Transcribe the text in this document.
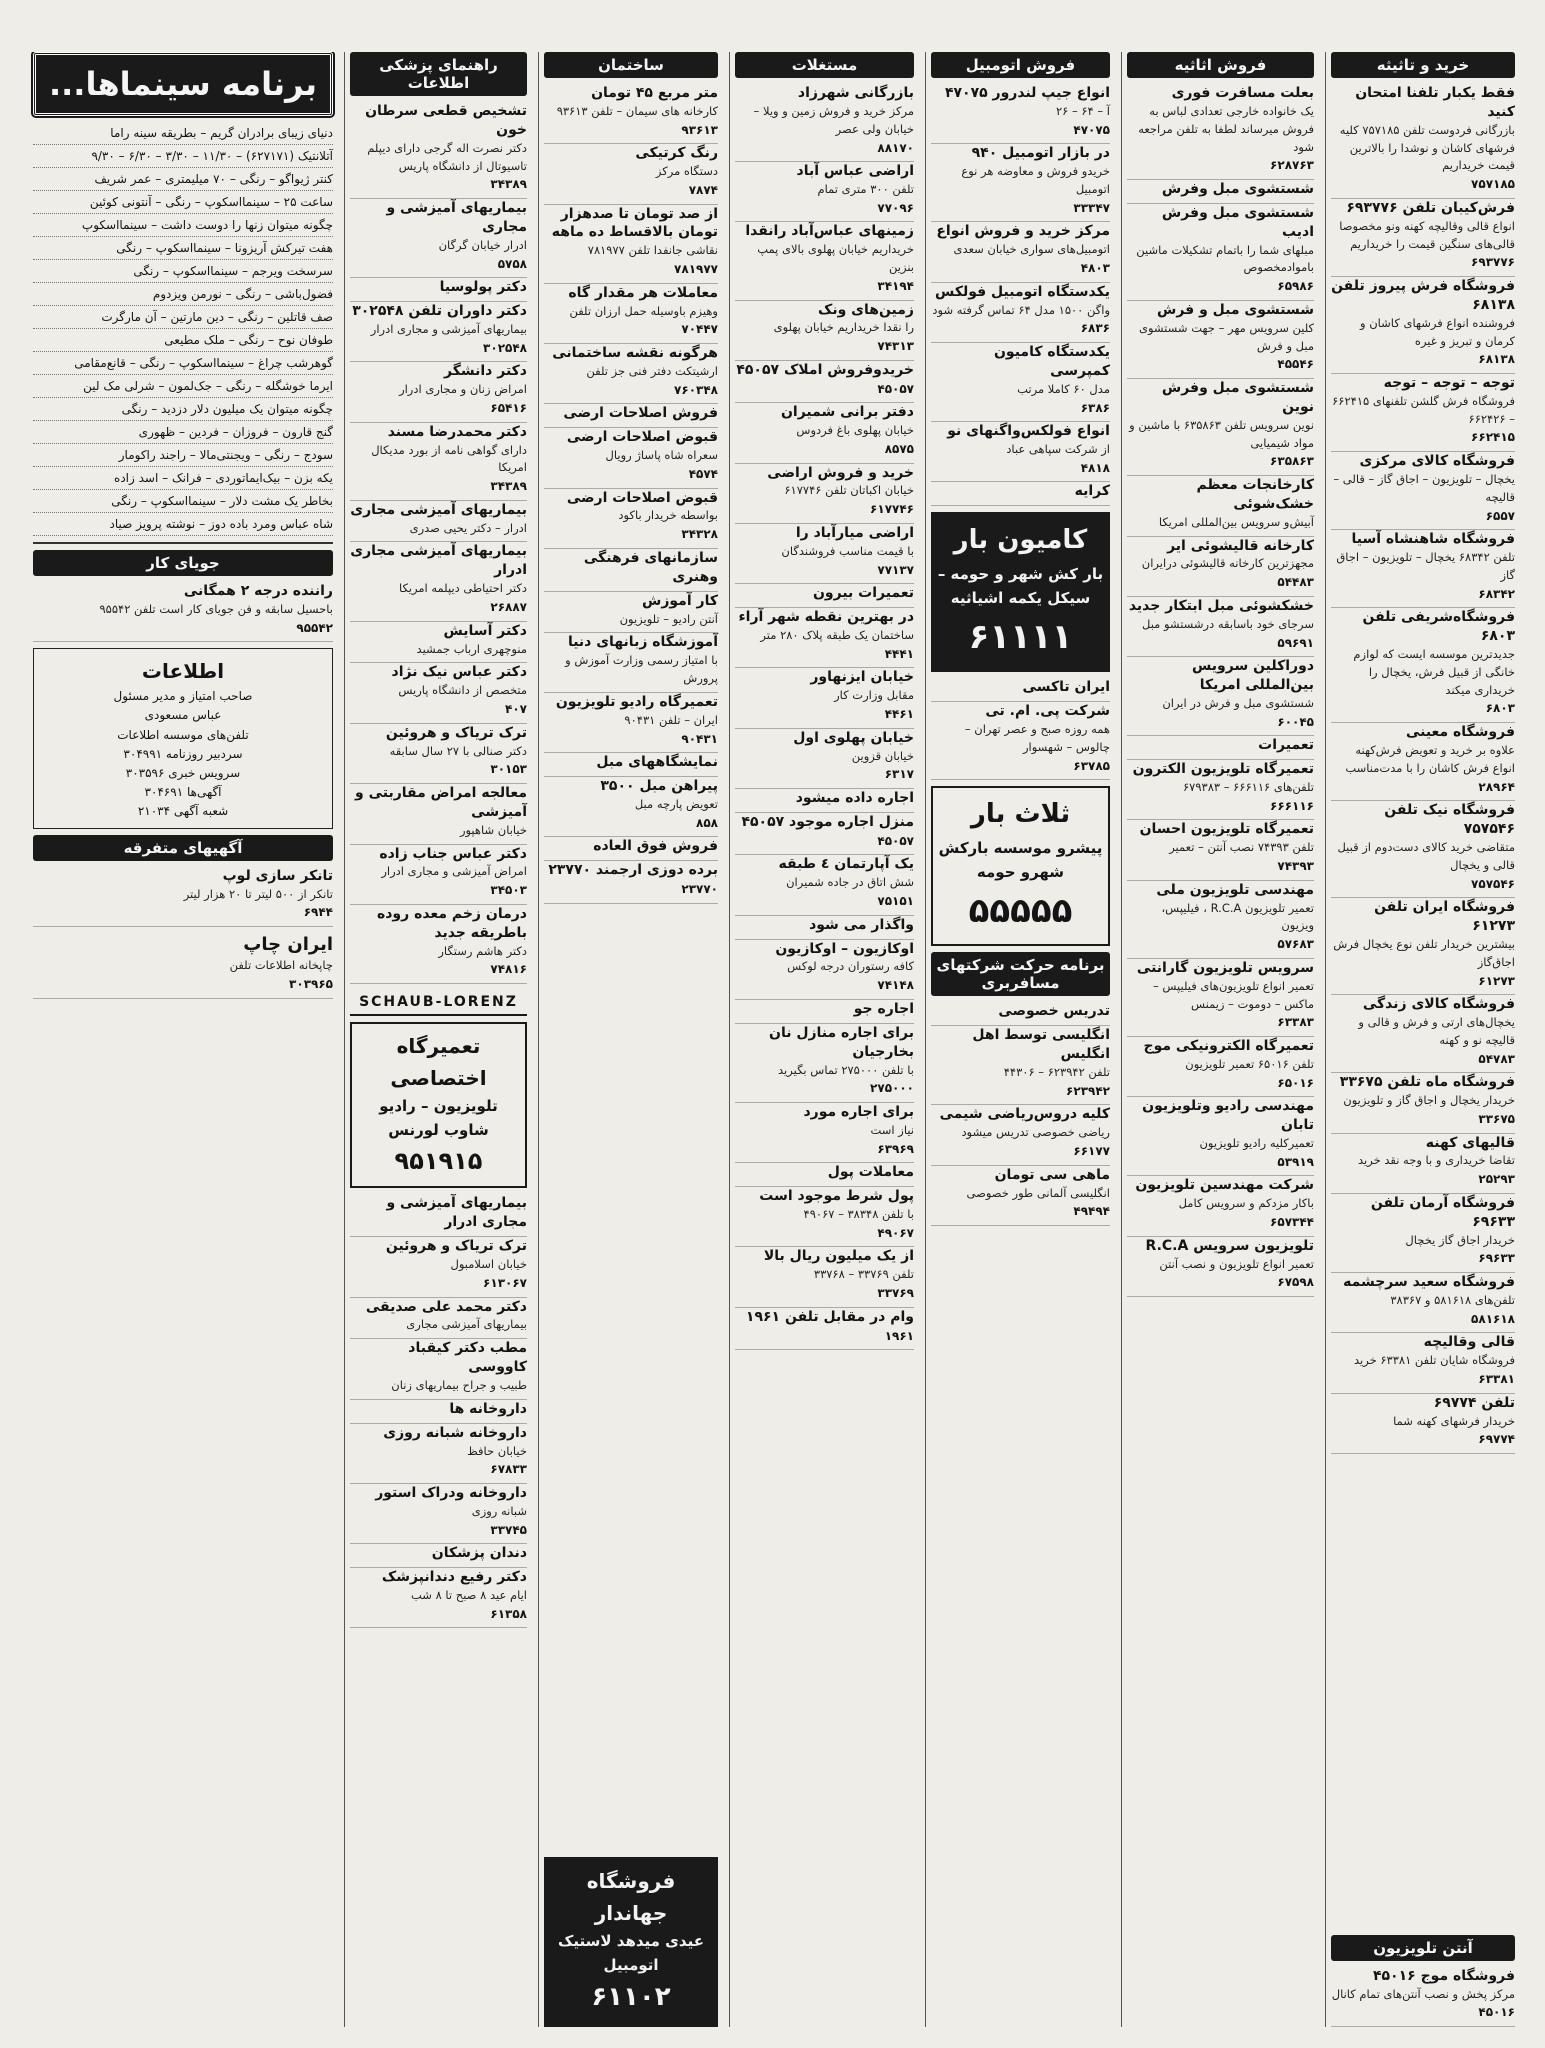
خرید و تاثیثه
فقط یکبار تلفنا امتحان کنید
بازرگانی فردوست تلفن ۷۵۷۱۸۵ کلیه فرشهای کاشان و نوشدا را بالاترین قیمت خریداریم
۷۵۷۱۸۵
فرش‌کیبان تلفن ۶۹۳۷۷۶
انواع قالی وقالیچه کهنه ونو مخصوصا قالی‌های سنگین قیمت را خریداریم
۶۹۳۷۷۶
فروشگاه فرش پیروز تلفن ۶۸۱۳۸
فروشنده انواع فرشهای کاشان و کرمان و تبریز و غیره
۶۸۱۳۸
توجه – توجه – توجه
فروشگاه فرش گلشن تلفنهای ۶۶۲۴۱۵ – ۶۶۲۴۲۶
۶۶۲۴۱۵
فروشگاه کالای مرکزی
یخچال – تلویزیون – اجاق گاز – قالی – قالیچه
۶۵۵۷
فروشگاه شاهنشاه آسیا
تلفن ۶۸۳۴۲ یخچال – تلویزیون – اجاق گاز
۶۸۳۴۲
فروشگاه‌شریفی تلفن ۶۸۰۳
جدیدترین موسسه ایست که لوازم خانگی از قبیل فرش، یخچال را خریداری میکند
۶۸۰۳
فروشگاه معینی
علاوه بر خرید و تعویض فرش‌کهنه انواع فرش کاشان را با مدت‌مناسب
۲۸۹۶۴
فروشگاه نیک تلفن ۷۵۷۵۴۶
متقاضی خرید کالای دست‌دوم از قبیل قالی و یخچال
۷۵۷۵۴۶
فروشگاه ایران تلفن ۶۱۲۷۳
بیشترین خریدار تلفن نوع یخچال فرش اجاق‌گاز
۶۱۲۷۳
فروشگاه کالای زندگی
یخچال‌های ارتی و فرش و قالی و قالیچه نو و کهنه
۵۴۷۸۳
فروشگاه ماه تلفن ۳۳۶۷۵
خریدار یخچال و اجاق گاز و تلویزیون
۳۳۶۷۵
قالیهای کهنه
تقاضا خریداری و با وجه نقد خرید
۲۵۲۹۳
فروشگاه آرمان تلفن ۶۹۶۳۳
خریدار اجاق گاز یخچال
۶۹۶۳۳
فروشگاه سعید سرچشمه
تلفن‌های ۵۸۱۶۱۸ و ۳۸۳۶۷
۵۸۱۶۱۸
قالی وقالیچه
فروشگاه شایان تلفن ۶۳۳۸۱ خرید
۶۳۳۸۱
تلفن ۶۹۷۷۴
خریدار فرشهای کهنه شما
۶۹۷۷۴
آنتن تلویزیون
فروشگاه موج ۴۵۰۱۶
مرکز پخش و نصب آنتن‌های تمام کانال
۴۵۰۱۶
فروش اثاثیه
بعلت مسافرت فوری
یک خانواده خارجی تعدادی لباس به فروش میرساند لطفا به تلفن مراجعه شود
۶۲۸۷۶۳
شستشوی مبل وفرش
شستشوی مبل وفرش ادیب
مبلهای شما را باتمام تشکیلات ماشین باموادمخصوص
۶۵۹۸۶
شستشوی مبل و فرش
کلین سرویس مهر – جهت شستشوی مبل و فرش
۴۵۵۴۶
شستشوی مبل وفرش نوین
نوین سرویس تلفن ۶۳۵۸۶۳ با ماشین و مواد شیمیایی
۶۳۵۸۶۳
کارخانجات معظم خشک‌شوئی
آبیش‌و سرویس بین‌المللی امریکا
کارخانه قالیشوئی ایر
مجهزترین کارخانه قالیشوئی درایران
۵۴۴۸۳
خشکشوئی مبل ابتکار جدید
سرجای خود باسابقه درشستشو مبل
۵۹۶۹۱
دوراکلین سرویس بین‌المللی امریکا
شستشوی مبل و فرش در ایران
۶۰۰۴۵
تعمیرات
تعمیرگاه تلویزیون الکترون
تلفن‌های ۶۶۶۱۱۶ – ۶۷۹۳۸۳
۶۶۶۱۱۶
تعمیرگاه تلویزیون احسان
تلفن ۷۴۳۹۳ نصب آنتن – تعمیر
۷۴۳۹۳
مهندسی تلویزیون ملی
تعمیر تلویزیون R.C.A ، فیلیپس، ویزیون
۵۷۶۸۳
سرویس تلویزیون گارانتی
تعمیر انواع تلویزیون‌های فیلیپس – ماکس – دوموت – زیمنس
۶۳۳۸۳
تعمیرگاه الکترونیکی موج
تلفن ۶۵۰۱۶ تعمیر تلویزیون
۶۵۰۱۶
مهندسی رادیو وتلویزیون تابان
تعمیرکلیه رادیو تلویزیون
۵۳۹۱۹
شرکت مهندسین تلویزیون
باکار مزدکم و سرویس کامل
۶۵۷۳۴۴
تلویزیون سرویس R.C.A
تعمیر انواع تلویزیون و نصب آنتن
۶۷۵۹۸
فروش اتومبیل
انواع جیپ لندرور ۴۷۰۷۵
آ – ۶۴ – ۲۶
۴۷۰۷۵
در بازار اتومبیل ۹۴۰
خریدو فروش و معاوضه هر نوع اتومبیل
۳۳۳۴۷
مرکز خرید و فروش انواع
اتومبیل‌های سواری خیابان سعدی
۴۸۰۳
یکدستگاه اتومبیل فولکس
واگن ۱۵۰۰ مدل ۶۴ تماس گرفته شود
۶۸۳۶
یکدستگاه کامیون کمپرسی
مدل ۶۰ کاملا مرتب
۶۳۸۶
انواع فولکس‌واگنهای نو
از شرکت سپاهی عباد
۴۸۱۸
کرایه
کامیون بار
بار کش شهر و حومه – سیکل یکمه اشیاثیه
۶۱۱۱۱
ایران تاکسی
شرکت پی. ام. تی
همه روزه صبح و عصر تهران – چالوس – شهسوار
۶۳۷۸۵
ثلاث بار
پیشرو موسسه بارکش شهرو حومه
۵۵۵۵۵
برنامه حرکت شرکتهای مسافربری
تدریس خصوصی
انگلیسی توسط اهل انگلیس
تلفن ۶۲۳۹۴۲ – ۴۴۳۰۶
۶۲۳۹۴۲
کلیه دروس‌ریاضی شیمی
ریاضی خصوصی تدریس میشود
۶۶۱۷۷
ماهی سی تومان
انگلیسی آلمانی طور خصوصی
۴۹۴۹۴
مستغلات
بازرگانی شهرزاد
مرکز خرید و فروش زمین و ویلا – خیابان ولی عصر
۸۸۱۷۰
اراضی عباس آباد
تلفن ۳۰۰ متری تمام
۷۷۰۹۶
زمینهای عباس‌آباد رانقدا
خریداریم خیابان پهلوی بالای پمپ بنزین
۳۴۱۹۴
زمین‌های ونک
را نقدا خریداریم خیابان پهلوی
۷۴۳۱۳
خریدوفروش املاک ۴۵۰۵۷
۴۵۰۵۷
دفتر برانی شمیران
خیابان پهلوی باغ فردوس
۸۵۷۵
خرید و فروش اراضی
خیابان اکباتان تلفن ۶۱۷۷۴۶
۶۱۷۷۴۶
اراضی میارآباد را
با قیمت مناسب فروشندگان
۷۷۱۳۷
تعمیرات بیرون
در بهترین نقطه شهر آراء
ساختمان یک طبقه پلاک ۲۸۰ متر
۴۴۴۱
خیابان ایزنهاور
مقابل وزارت کار
۴۴۶۱
خیابان پهلوی اول
خیابان قزوین
۶۳۱۷
اجاره داده میشود
منزل اجاره موجود ۴۵۰۵۷
۴۵۰۵۷
یک آپارتمان ٤ طبقه
شش اتاق در جاده شمیران
۷۵۱۵۱
واگذار می شود
اوکازیون – اوکازیون
کافه رستوران درجه لوکس
۷۴۱۴۸
اجاره جو
برای اجاره منازل نان بخارجیان
با تلفن ۲۷۵۰۰۰ تماس بگیرید
۲۷۵۰۰۰
برای اجاره مورد
نیاز است
۶۳۹۶۹
معاملات پول
پول شرط موجود است
با تلفن ۳۸۳۴۸ – ۴۹۰۶۷
۴۹۰۶۷
از یک میلیون ریال بالا
تلفن ۳۳۷۶۹ – ۳۳۷۶۸
۳۳۷۶۹
وام در مقابل تلفن ۱۹۶۱
۱۹۶۱
ساختمان
متر مربع ۴۵ تومان
کارخانه های سیمان – تلفن ۹۳۶۱۳
۹۳۶۱۳
رنگ کرتیکی
دستگاه مرکز
۷۸۷۴
از صد تومان تا صدهزار تومان بالاقساط ده ماهه
نقاشی جانفدا تلفن ۷۸۱۹۷۷
۷۸۱۹۷۷
معاملات هر مقدار گاه
وهیزم باوسیله حمل ارزان تلفن
۷۰۴۴۷
هرگونه نقشه ساختمانی
ارشیتکت دفتر فنی جز تلفن
۷۶۰۳۴۸
فروش اصلاحات ارضی
قبوض اصلاحات ارضی
سعراه شاه پاساژ رویال
۴۵۷۴
قبوض اصلاحات ارضی
بواسطه خریدار باکود
۳۴۳۲۸
سازمانهای فرهنگی وهنری
کار آموزش
آنتن رادیو – تلویزیون
آموزشگاه زبانهای دنیا
با امتیاز رسمی وزارت آموزش و پرورش
تعمیرگاه رادیو تلویزیون
ایران – تلفن ۹۰۴۳۱
۹۰۴۳۱
نمایشگاههای مبل
پیراهن مبل ۳۵۰۰
تعویض پارچه مبل
۸۵۸
فروش فوق العاده
برده دوزی ارجمند ۲۳۷۷۰
۲۳۷۷۰
فروشگاه جهاندار
عیدی میدهد لاستیک اتومبیل
۶۱۱۰۲
راهنمای پزشکی اطلاعات
تشخیص قطعی سرطان خون
دکتر نصرت اله گرجی دارای دیپلم تاسیوتال از دانشگاه پاریس
۳۴۳۸۹
بیماریهای آمیزشی و مجاری
ادرار خیابان گرگان
۵۷۵۸
دکتر پولوسیا
دکتر داوران تلفن ۳۰۲۵۴۸
بیماریهای آمیزشی و مجاری ادرار
۳۰۲۵۴۸
دکتر دانشگر
امراض زنان و مجاری ادرار
۶۵۴۱۶
دکتر محمدرضا مسند
دارای گواهی نامه از بورد مدیکال امریکا
۳۴۳۸۹
بیماریهای آمیزشی مجاری
ادرار – دکتر یحیی صدری
بیماریهای آمیزشی مجاری ادرار
دکتر احتیاطی دیپلمه امریکا
۲۶۸۸۷
دکتر آسایش
منوچهری ارباب جمشید
دکتر عباس نیک نژاد
متخصص از دانشگاه پاریس
۴۰۷
ترک تریاک و هروئین
دکتر صنالی با ۲۷ سال سابقه
۳۰۱۵۳
معالجه امراض مقاربتی و آمیزشی
خیابان شاهپور
دکتر عباس جناب زاده
امراض آمیزشی و مجاری ادرار
۳۴۵۰۳
درمان زخم معده روده باطریقه جدید
دکتر هاشم رستگار
۷۴۸۱۶
SCHAUB-LORENZ
تعمیرگاه اختصاصی
تلویزیون – رادیو شاوب لورنس
۹۵۱۹۱۵
بیماریهای آمیزشی و مجاری ادرار
ترک تریاک و هروئین
خیابان اسلامبول
۶۱۳۰۶۷
دکتر محمد علی صدیقی
بیماریهای آمیزشی مجاری
مطب دکتر کیقباد کاووسی
طبیب و جراح بیماریهای زنان
داروخانه ها
داروخانه شبانه روزی
خیابان حافظ
۶۷۸۳۳
داروخانه ودراک استور
شبانه روزی
۳۳۷۴۵
دندان پزشکان
دکتر رفیع دندانپزشک
ایام عید ۸ صبح تا ۸ شب
۶۱۳۵۸
برنامه سینماها...
دنیای زیبای برادران گریم – بطریقه سینه راما
آتلانتیک (۶۲۷۱۷۱) – ۱۱/۳۰ – ۳/۳۰ – ۶/۳۰ – ۹/۳۰
کنتر ژیواگو – رنگی – ۷۰ میلیمتری – عمر شریف
ساعت ۲۵ – سینمااسکوپ – رنگی – آنتونی کوئین
چگونه میتوان زنها را دوست داشت – سینمااسکوپ
هفت تیرکش آریزونا – سینمااسکوپ – رنگی
سرسخت ویرجم – سینمااسکوپ – رنگی
فضول‌باشی – رنگی – نورمن ویزدوم
صف قاتلین – رنگی – دین مارتین – آن مارگرت
طوفان نوح – رنگی – ملک مطیعی
گوهرشب چراغ – سینمااسکوپ – رنگی – قانع‌مقامی
ایرما خوشگله – رنگی – جک‌لمون – شرلی مک لین
چگونه میتوان یک میلیون دلار دزدید – رنگی
گنج قارون – فروزان – فردین – ظهوری
سودج – رنگی – ویجنتی‌مالا – راجند راکومار
یکه بزن – بیک‌ایماتوردی – فرانک – اسد زاده
بخاطر یک مشت دلار – سینمااسکوپ – رنگی
شاه عباس ومرد باده دوز – نوشته پرویز صیاد
جویای کار
راننده درجه ۲ همگانی
باحسیل سابقه و فن جویای کار است تلفن ۹۵۵۴۲
۹۵۵۴۲
اطلاعات
صاحب امتیاز و مدیر مسئول
عباس مسعودی
تلفن‌های موسسه اطلاعات
سردبیر روزنامه ۳۰۴۹۹۱
سرویس خبری ۳۰۳۵۹۶
آگهی‌ها ۳۰۴۶۹۱
شعبه آگهی ۲۱۰۳۴
آگهیهای متفرقه
تانکر سازی لوپ
تانکر از ۵۰۰ لیتر تا ۲۰ هزار لیتر
۶۹۴۴
ایران چاپ
چاپخانه اطلاعات تلفن
۳۰۳۹۶۵
